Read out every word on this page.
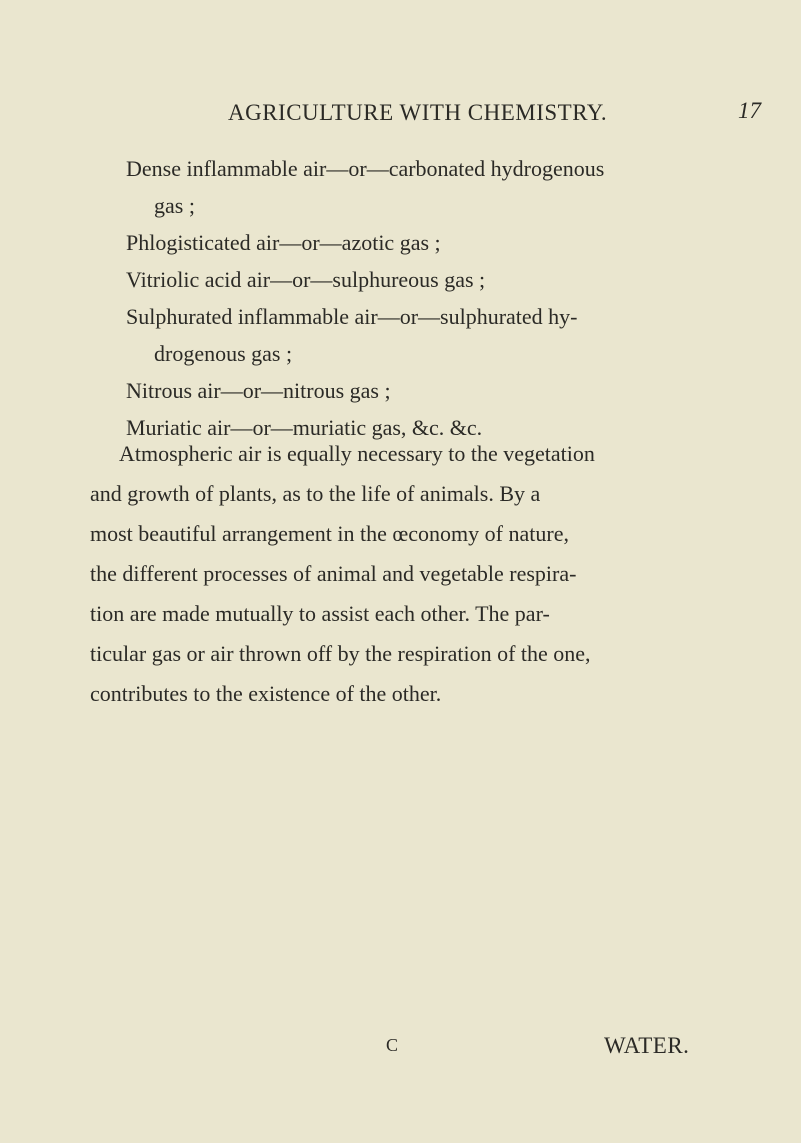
AGRICULTURE WITH CHEMISTRY.	17
Dense inflammable air—or—carbonated hydrogenous
gas ;
Phlogisticated air—or—azotic gas ;
Vitriolic acid air—or—sulphureous gas ;
Sulphurated inflammable air—or—sulphurated hy-
drogenous gas ;
Nitrous air—or—nitrous gas ;
Muriatic air—or—muriatic gas, &c. &c.
Atmospheric air is equally necessary to the vegetation
and growth of plants, as to the life of animals. By a
most beautiful arrangement in the œconomy of nature,
the different processes of animal and vegetable respira-
tion are made mutually to assist each other. The par-
ticular gas or air thrown off by the respiration of the one,
contributes to the existence of the other.
C	WATER.
